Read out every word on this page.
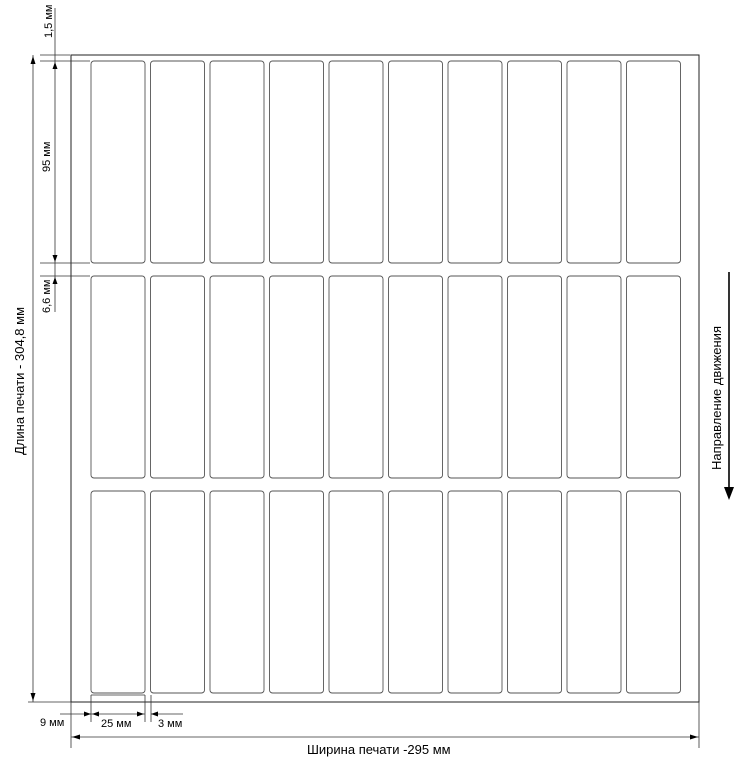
1,5 мм
95 мм
6,6 мм
Длина печати - 304,8 мм
9 мм	25 мм 3 мм
Ширина печати -295 мм
Направление движения
